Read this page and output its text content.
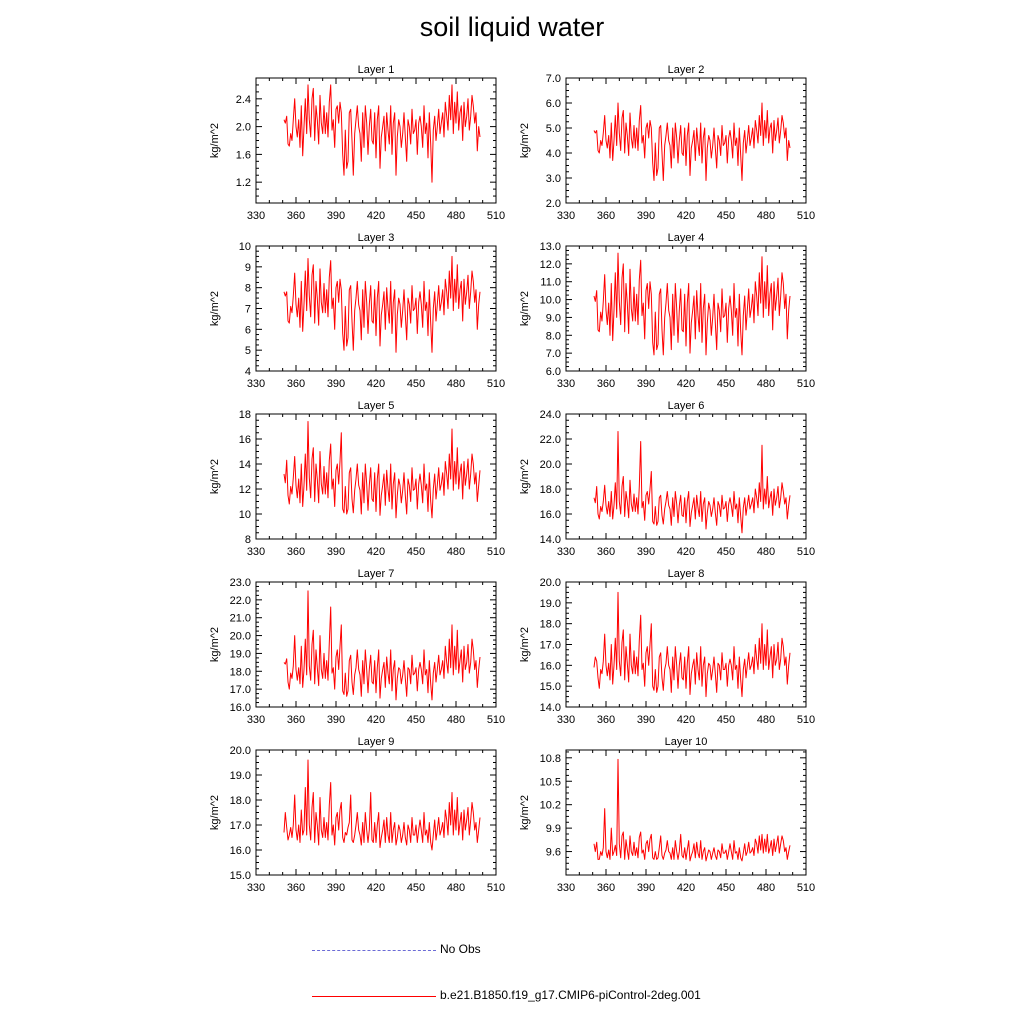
soil liquid water
Layer 1
330 360 390 420 450 480 510
1.2
1.6
2.0
2.4
kg/m^2
Layer 2
330 360 390 420 450 480 510
2.0
3.0
4.0
5.0
6.0
7.0
kg/m^2
Layer 3
330 360 390 420 450 480 510
4
5
6
7
8
9
10
kg/m^2
Layer 4
330 360 390 420 450 480 510
6.0
7.0
8.0
9.0
10.0
11.0
12.0
13.0
kg/m^2
Layer 5
330 360 390 420 450 480 510
8
10
12
14
16
18
kg/m^2
Layer 6
330 360 390 420 450 480 510
14.0
16.0
18.0
20.0
22.0
24.0
kg/m^2
Layer 7
330 360 390 420 450 480 510
16.0
17.0
18.0
19.0
20.0
21.0
22.0
23.0
kg/m^2
Layer 8
330 360 390 420 450 480 510
14.0
15.0
16.0
17.0
18.0
19.0
20.0
kg/m^2
Layer 9
330 360 390 420 450 480 510
15.0
16.0
17.0
18.0
19.0
20.0
kg/m^2
Layer 10
330 360 390 420 450 480 510
9.6
9.9
10.2
10.5
10.8
kg/m^2
No Obs
b.e21.B1850.f19_g17.CMIP6-piControl-2deg.001
